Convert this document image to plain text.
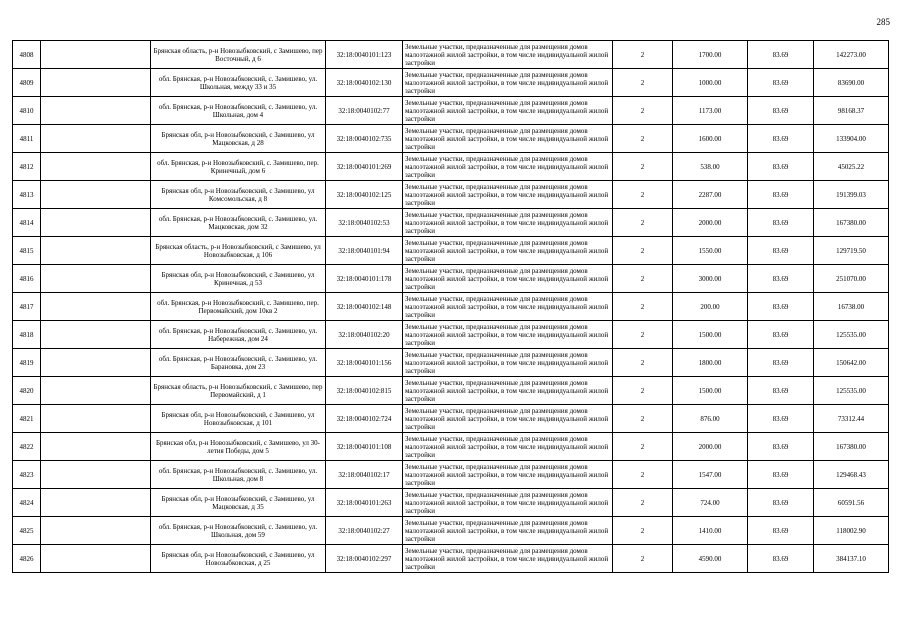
285
4808		Брянская область, р-н Новозыбковский, с Замишево, пер Восточный, д 6	32:18:0040101:123	Земельные участки, предназначенные для размещения домов малоэтажной жилой застройки, в том числе индивидуальной жилой застройки	2	1700.00	83.69	142273.00
4809		обл. Брянская, р-н Новозыбковский, с. Замишево, ул. Школьная, между 33 и 35	32:18:0040102:130	Земельные участки, предназначенные для размещения домов малоэтажной жилой застройки, в том числе индивидуальной жилой застройки	2	1000.00	83.69	83690.00
4810		обл. Брянская, р-н Новозыбковский, с. Замишево, ул. Школьная, дом 4	32:18:0040102:77	Земельные участки, предназначенные для размещения домов малоэтажной жилой застройки, в том числе индивидуальной жилой застройки	2	1173.00	83.69	98168.37
4811		Брянская обл, р-н Новозыбковский, с Замишево, ул Мацковская, д 28	32:18:0040102:735	Земельные участки, предназначенные для размещения домов малоэтажной жилой застройки, в том числе индивидуальной жилой застройки	2	1600.00	83.69	133904.00
4812		обл. Брянская, р-н Новозыбковский, с. Замишево, пер. Кринечный, дом 6	32:18:0040101:269	Земельные участки, предназначенные для размещения домов малоэтажной жилой застройки, в том числе индивидуальной жилой застройки	2	538.00	83.69	45025.22
4813		Брянская обл, р-н Новозыбковский, с Замишево, ул Комсомольская, д 8	32:18:0040102:125	Земельные участки, предназначенные для размещения домов малоэтажной жилой застройки, в том числе индивидуальной жилой застройки	2	2287.00	83.69	191399.03
4814		обл. Брянская, р-н Новозыбковский, с. Замишево, ул. Мацковская, дом 32	32:18:0040102:53	Земельные участки, предназначенные для размещения домов малоэтажной жилой застройки, в том числе индивидуальной жилой застройки	2	2000.00	83.69	167380.00
4815		Брянская область, р-н Новозыбковский, с Замишево, ул Новозыбковская, д 106	32:18:0040101:94	Земельные участки, предназначенные для размещения домов малоэтажной жилой застройки, в том числе индивидуальной жилой застройки	2	1550.00	83.69	129719.50
4816		Брянская обл, р-н Новозыбковский, с Замишево, ул Кринечная, д 53	32:18:0040101:178	Земельные участки, предназначенные для размещения домов малоэтажной жилой застройки, в том числе индивидуальной жилой застройки	2	3000.00	83.69	251070.00
4817		обл. Брянская, р-н Новозыбковский, с. Замишево, пер. Первомайский, дом 10кв 2	32:18:0040102:148	Земельные участки, предназначенные для размещения домов малоэтажной жилой застройки, в том числе индивидуальной жилой застройки	2	200.00	83.69	16738.00
4818		обл. Брянская, р-н Новозыбковский, с. Замишево, ул. Набережная, дом 24	32:18:0040102:20	Земельные участки, предназначенные для размещения домов малоэтажной жилой застройки, в том числе индивидуальной жилой застройки	2	1500.00	83.69	125535.00
4819		обл. Брянская, р-н Новозыбковский, с. Замишево, ул. Барановка, дом 23	32:18:0040101:156	Земельные участки, предназначенные для размещения домов малоэтажной жилой застройки, в том числе индивидуальной жилой застройки	2	1800.00	83.69	150642.00
4820		Брянская область, р-н Новозыбковский, с Замишево, пер Первомайский, д 1	32:18:0040102:815	Земельные участки, предназначенные для размещения домов малоэтажной жилой застройки, в том числе индивидуальной жилой застройки	2	1500.00	83.69	125535.00
4821		Брянская обл, р-н Новозыбковский, с Замишево, ул Новозыбковская, д 101	32:18:0040102:724	Земельные участки, предназначенные для размещения домов малоэтажной жилой застройки, в том числе индивидуальной жилой застройки	2	876.00	83.69	73312.44
4822		Брянская обл, р-н Новозыбковский, с Замишево, ул 30-летия Победы, дом 5	32:18:0040101:108	Земельные участки, предназначенные для размещения домов малоэтажной жилой застройки, в том числе индивидуальной жилой застройки	2	2000.00	83.69	167380.00
4823		обл. Брянская, р-н Новозыбковский, с. Замишево, ул. Школьная, дом 8	32:18:0040102:17	Земельные участки, предназначенные для размещения домов малоэтажной жилой застройки, в том числе индивидуальной жилой застройки	2	1547.00	83.69	129468.43
4824		Брянская обл, р-н Новозыбковский, с Замишево, ул Мацковская, д 35	32:18:0040101:263	Земельные участки, предназначенные для размещения домов малоэтажной жилой застройки, в том числе индивидуальной жилой застройки	2	724.00	83.69	60591.56
4825		обл. Брянская, р-н Новозыбковский, с. Замишево, ул. Школьная, дом 59	32:18:0040102:27	Земельные участки, предназначенные для размещения домов малоэтажной жилой застройки, в том числе индивидуальной жилой застройки	2	1410.00	83.69	118002.90
4826		Брянская обл, р-н Новозыбковский, с Замишево, ул Новозыбковская, д 25	32:18:0040102:297	Земельные участки, предназначенные для размещения домов малоэтажной жилой застройки, в том числе индивидуальной жилой застройки	2	4590.00	83.69	384137.10
